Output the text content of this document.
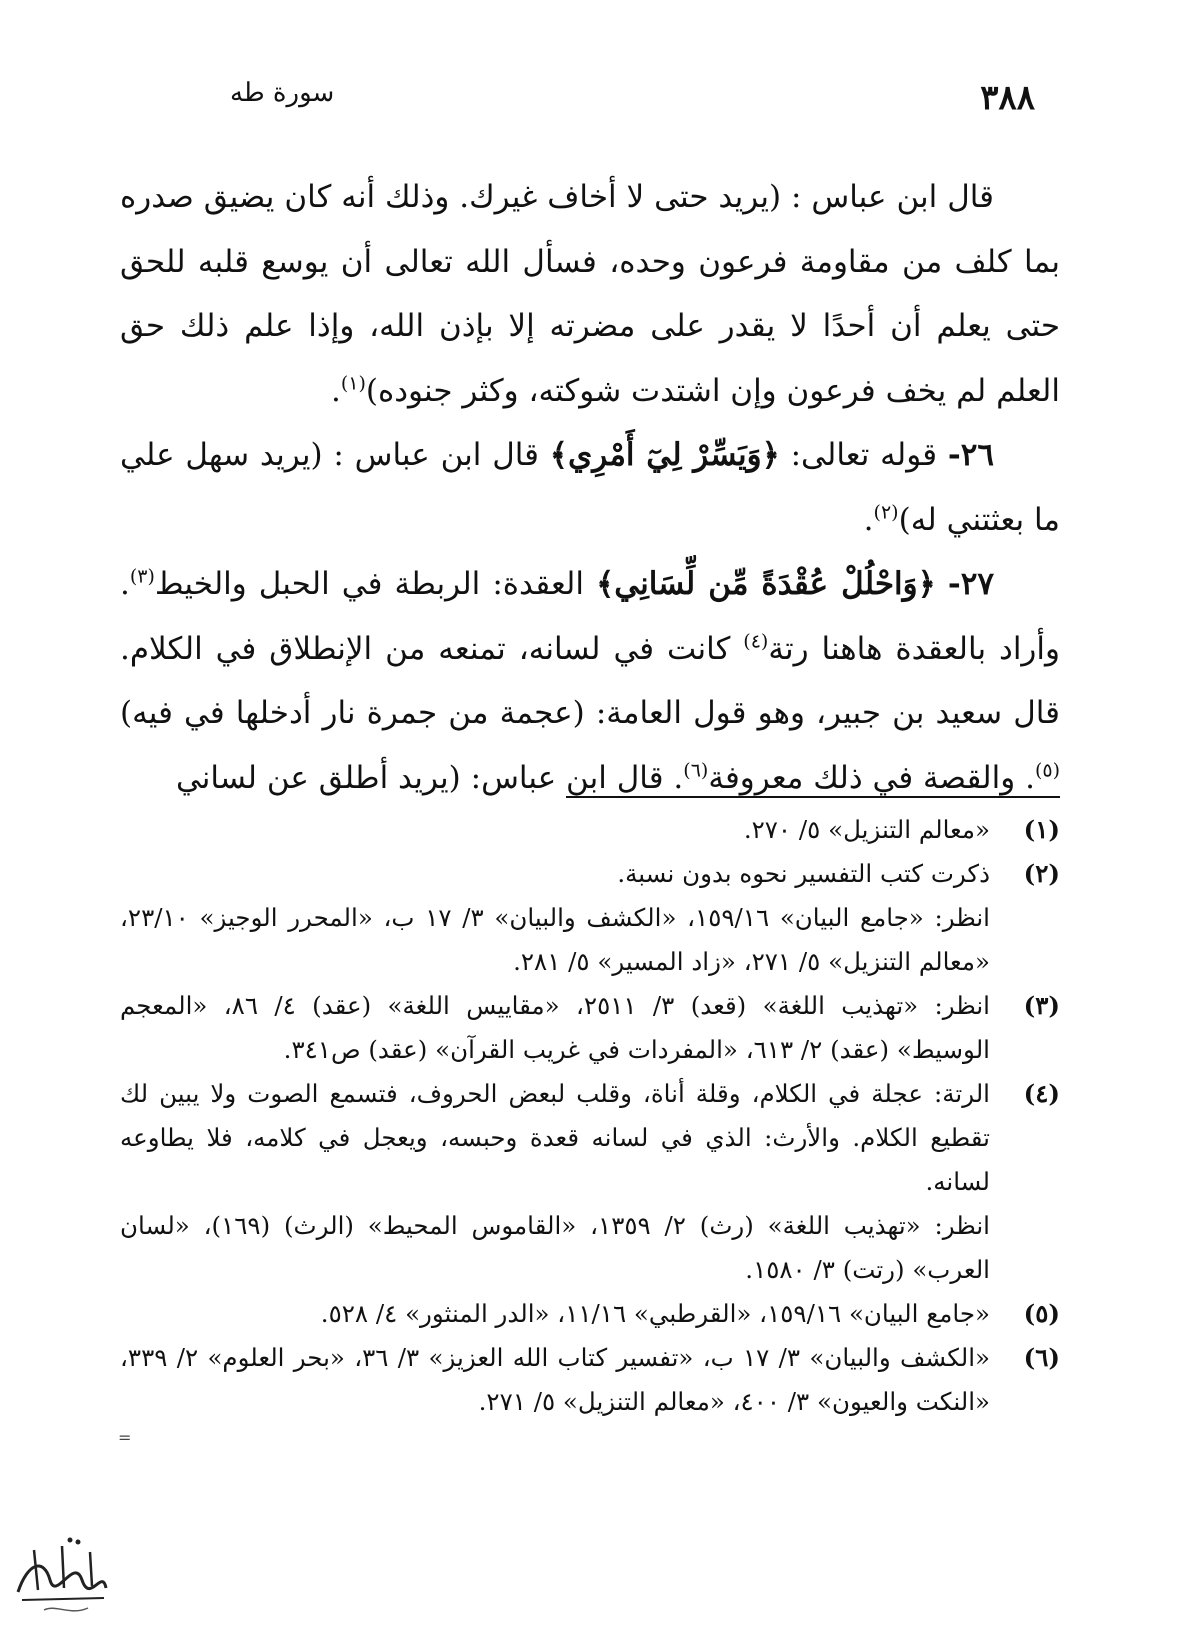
٣٨٨
سورة طه

قال ابن عباس : (يريد حتى لا أخاف غيرك. وذلك أنه كان يضيق صدره بما كلف من مقاومة فرعون وحده، فسأل الله تعالى أن يوسع قلبه للحق حتى يعلم أن أحدًا لا يقدر على مضرته إلا بإذن الله، وإذا علم ذلك حق العلم لم يخف فرعون وإن اشتدت شوكته، وكثر جنوده)$^{(١)}$.

٢٦- قوله تعالى: ﴿وَيَسِّرْ لِيٓ أَمْرِي﴾ قال ابن عباس : (يريد سهل علي ما بعثتني له)$^{(٢)}$.

٢٧- ﴿وَاحْلُلْ عُقْدَةً مِّن لِّسَانِي﴾ العقدة: الربطة في الحبل والخيط$^{(٣)}$. وأراد بالعقدة هاهنا رتة$^{(٤)}$ كانت في لسانه، تمنعه من الإنطلاق في الكلام. قال سعيد بن جبير، وهو قول العامة: (عجمة من جمرة نار أدخلها في فيه)$^{(٥)}$. والقصة في ذلك معروفة$^{(٦)}$. قال ابن عباس: (يريد أطلق عن لساني

(١)

«معالم التنزيل» ٥/ ٢٧٠.

(٢)

ذكرت كتب التفسير نحوه بدون نسبة.

انظر: «جامع البيان» ١٥٩/١٦، «الكشف والبيان» ٣/ ١٧ ب، «المحرر الوجيز» ٢٣/١٠، «معالم التنزيل» ٥/ ٢٧١، «زاد المسير» ٥/ ٢٨١.

(٣)

انظر: «تهذيب اللغة» (قعد) ٣/ ٢٥١١، «مقاييس اللغة» (عقد) ٤/ ٨٦، «المعجم الوسيط» (عقد) ٢/ ٦١٣، «المفردات في غريب القرآن» (عقد) ص٣٤١.

(٤)

الرتة: عجلة في الكلام، وقلة أناة، وقلب لبعض الحروف، فتسمع الصوت ولا يبين لك تقطيع الكلام. والأرث: الذي في لسانه قعدة وحبسه، ويعجل في كلامه، فلا يطاوعه لسانه.

انظر: «تهذيب اللغة» (رث) ٢/ ١٣٥٩، «القاموس المحيط» (الرث) (١٦٩)، «لسان العرب» (رتت) ٣/ ١٥٨٠.

(٥)

«جامع البيان» ١٥٩/١٦، «القرطبي» ١١/١٦، «الدر المنثور» ٤/ ٥٢٨.

(٦)

«الكشف والبيان» ٣/ ١٧ ب، «تفسير كتاب الله العزيز» ٣/ ٣٦، «بحر العلوم» ٢/ ٣٣٩، «النكت والعيون» ٣/ ٤٠٠، «معالم التنزيل» ٥/ ٢٧١.

=
